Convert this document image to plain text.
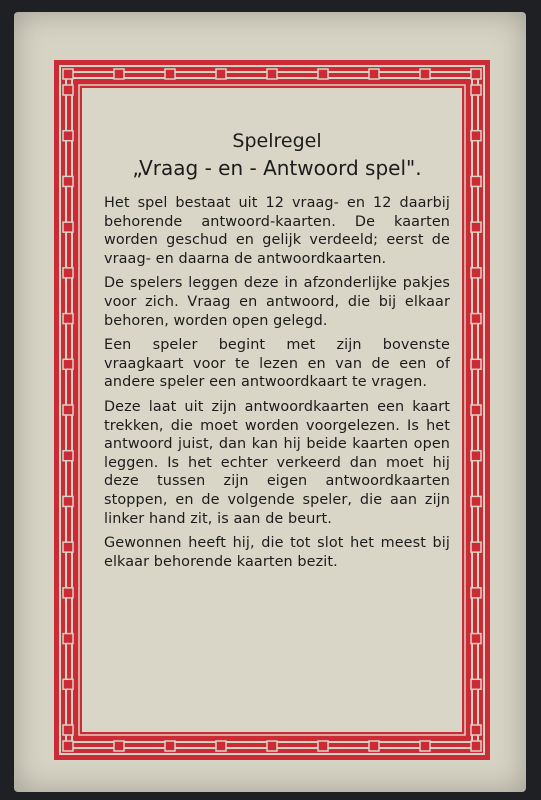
Spelregel

„Vraag - en - Antwoord spel".

Het spel bestaat uit 12 vraag- en 12 daarbij behorende antwoord-kaarten. De kaarten worden geschud en gelijk verdeeld; eerst de vraag- en daarna de antwoordkaarten.

De spelers leggen deze in afzonderlijke pakjes voor zich. Vraag en antwoord, die bij elkaar behoren, worden open gelegd.

Een speler begint met zijn bovenste vraagkaart voor te lezen en van de een of andere speler een antwoordkaart te vragen.

Deze laat uit zijn antwoordkaarten een kaart trekken, die moet worden voorgelezen. Is het antwoord juist, dan kan hij beide kaarten open leggen. Is het echter verkeerd dan moet hij deze tussen zijn eigen antwoordkaarten stoppen, en de volgende speler, die aan zijn linker hand zit, is aan de beurt.

Gewonnen heeft hij, die tot slot het meest bij elkaar behorende kaarten bezit.
